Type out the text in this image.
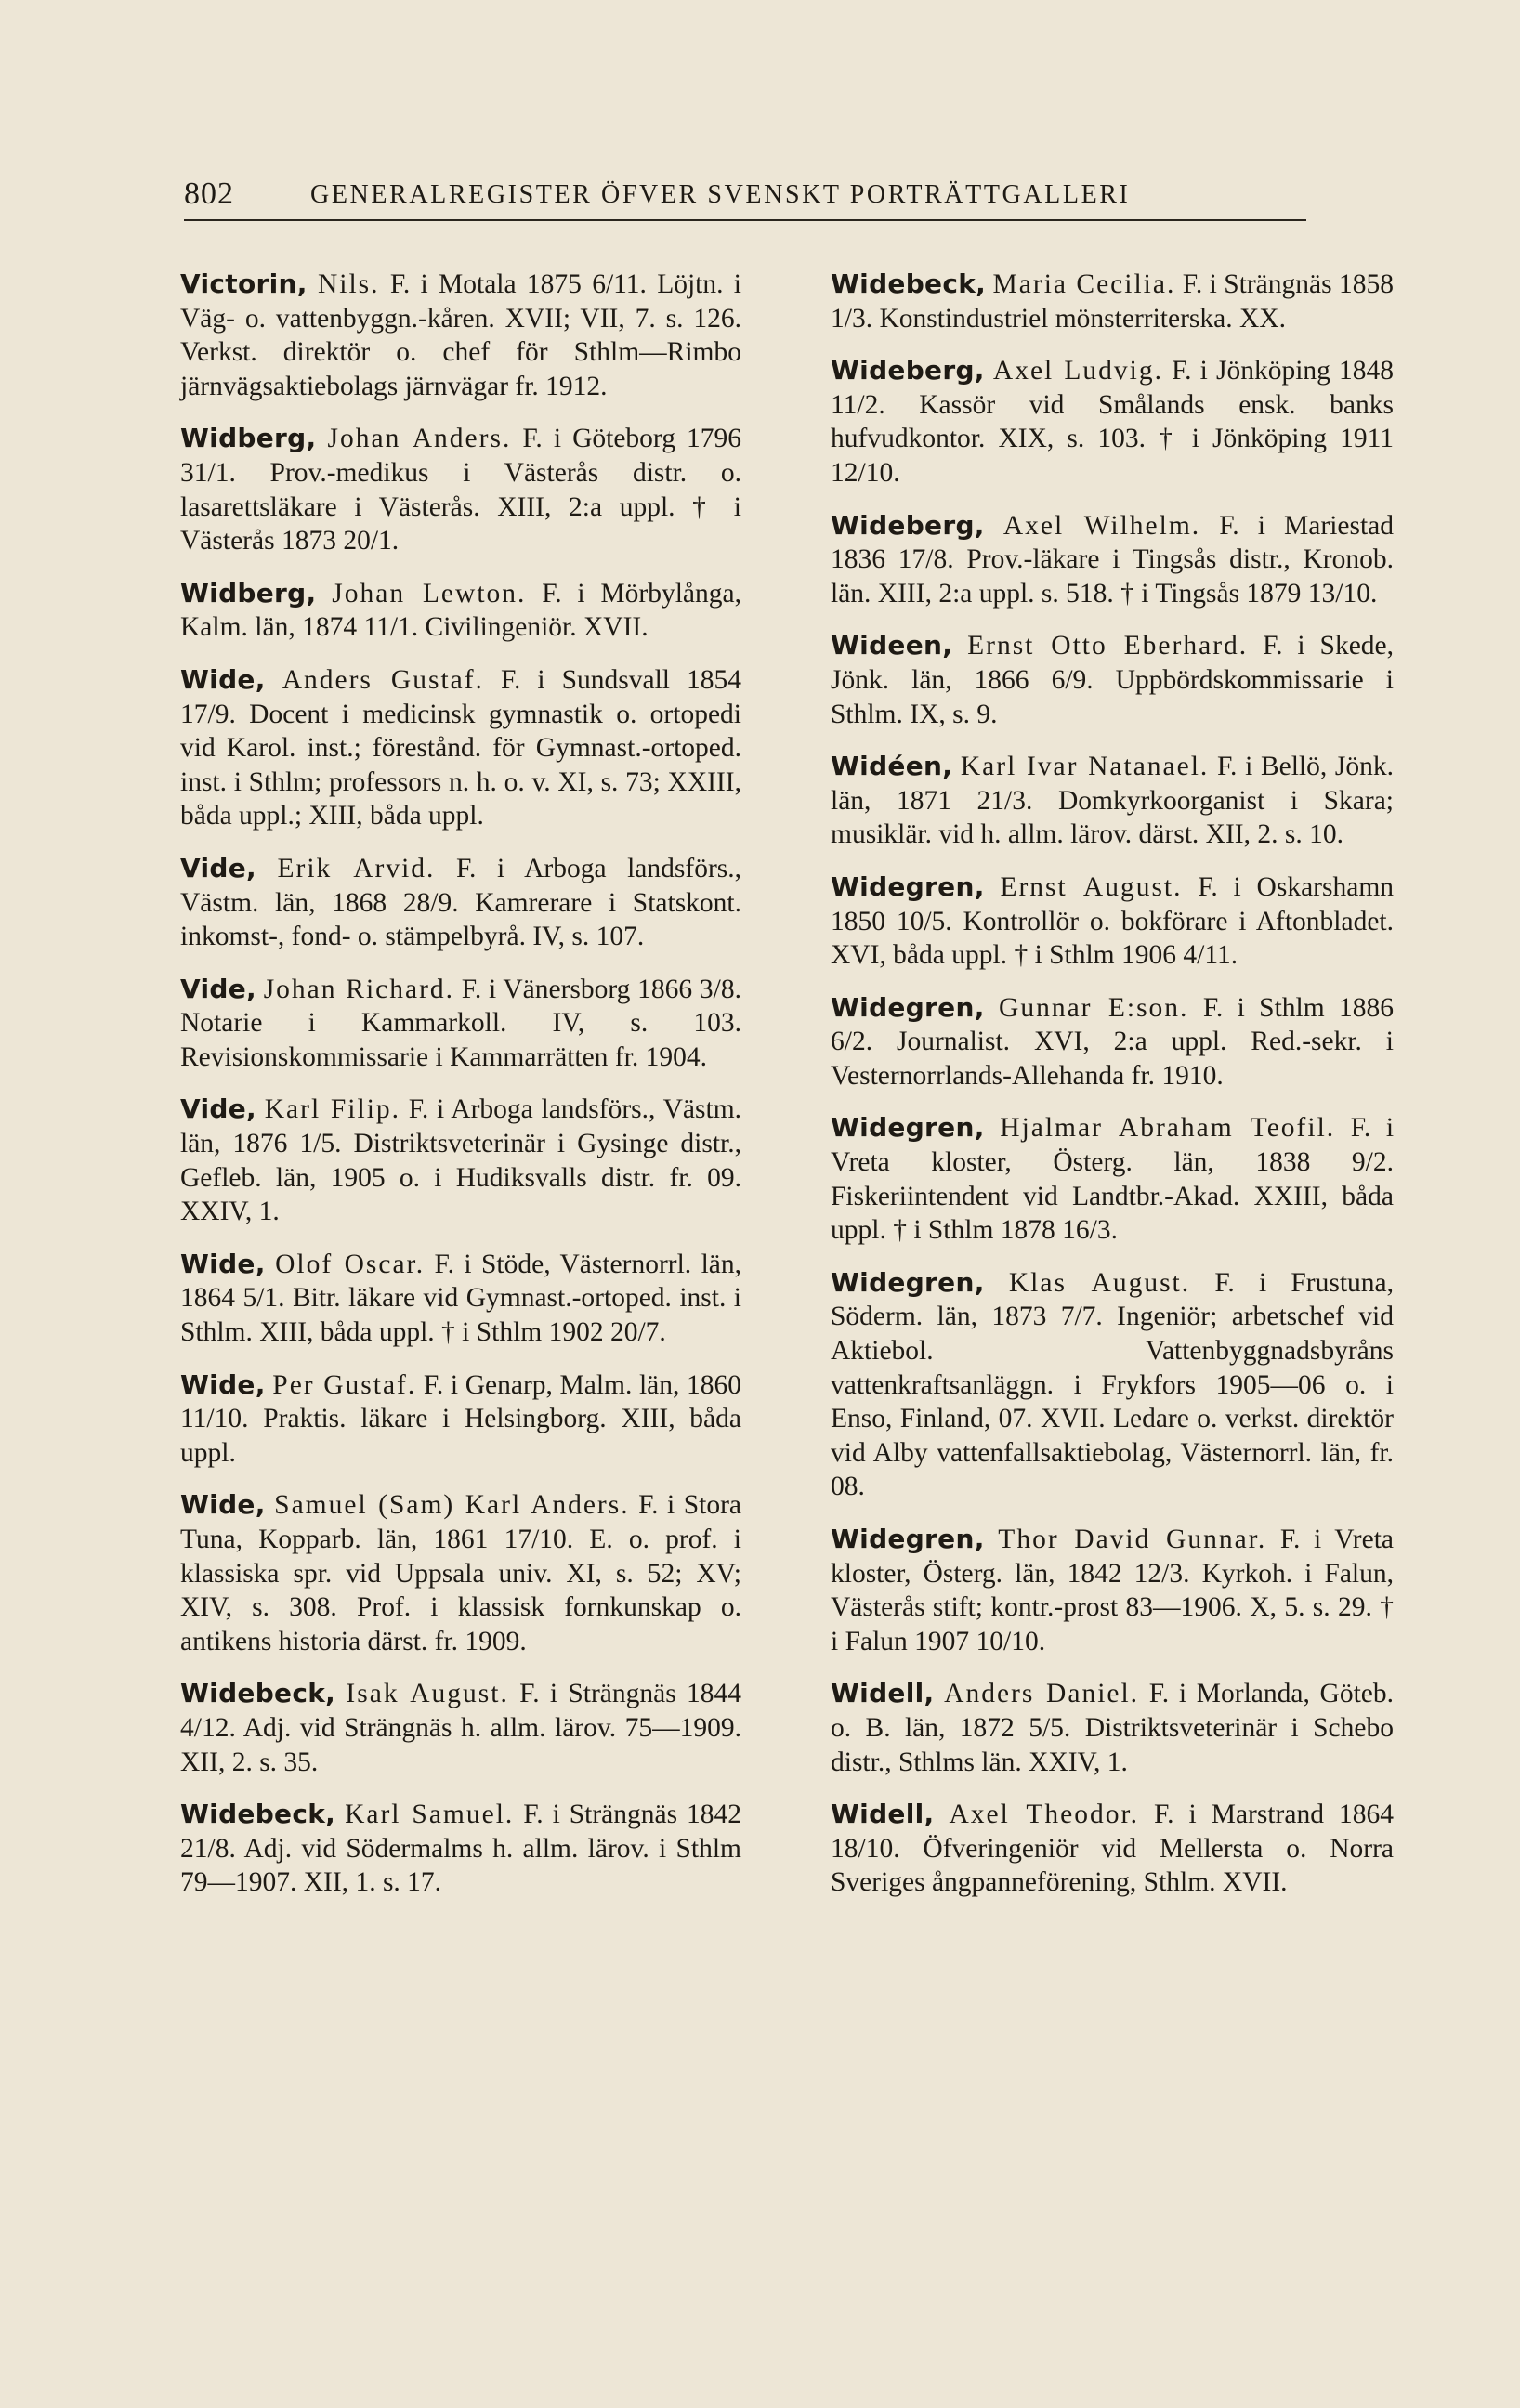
802	GENERALREGISTER ÖFVER SVENSKT PORTRÄTTGALLERI

Victorin, Nils. F. i Motala 1875 6/11. Löjtn. i Väg- o. vattenbyggn.-kåren. XVII; VII, 7. s. 126. Verkst. direktör o. chef för Sthlm—Rimbo järnvägsaktiebolags järnvägar fr. 1912.

Widberg, Johan Anders. F. i Göteborg 1796 31/1. Prov.-medikus i Västerås distr. o. lasarettsläkare i Västerås. XIII, 2:a uppl. † i Västerås 1873 20/1.

Widberg, Johan Lewton. F. i Mörbylånga, Kalm. län, 1874 11/1. Civilingeniör. XVII.

Wide, Anders Gustaf. F. i Sundsvall 1854 17/9. Docent i medicinsk gymnastik o. ortopedi vid Karol. inst.; förestånd. för Gymnast.-ortoped. inst. i Sthlm; professors n. h. o. v. XI, s. 73; XXIII, båda uppl.; XIII, båda uppl.

Vide, Erik Arvid. F. i Arboga landsförs., Västm. län, 1868 28/9. Kamrerare i Statskont. inkomst-, fond- o. stämpelbyrå. IV, s. 107.

Vide, Johan Richard. F. i Vänersborg 1866 3/8. Notarie i Kammarkoll. IV, s. 103. Revisionskommissarie i Kammarrätten fr. 1904.

Vide, Karl Filip. F. i Arboga landsförs., Västm. län, 1876 1/5. Distriktsveterinär i Gysinge distr., Gefleb. län, 1905 o. i Hudiksvalls distr. fr. 09. XXIV, 1.

Wide, Olof Oscar. F. i Stöde, Västernorrl. län, 1864 5/1. Bitr. läkare vid Gymnast.-ortoped. inst. i Sthlm. XIII, båda uppl. † i Sthlm 1902 20/7.

Wide, Per Gustaf. F. i Genarp, Malm. län, 1860 11/10. Praktis. läkare i Helsingborg. XIII, båda uppl.

Wide, Samuel (Sam) Karl Anders. F. i Stora Tuna, Kopparb. län, 1861 17/10. E. o. prof. i klassiska spr. vid Uppsala univ. XI, s. 52; XV; XIV, s. 308. Prof. i klassisk fornkunskap o. antikens historia därst. fr. 1909.

Widebeck, Isak August. F. i Strängnäs 1844 4/12. Adj. vid Strängnäs h. allm. lärov. 75—1909. XII, 2. s. 35.

Widebeck, Karl Samuel. F. i Strängnäs 1842 21/8. Adj. vid Södermalms h. allm. lärov. i Sthlm 79—1907. XII, 1. s. 17.

Widebeck, Maria Cecilia. F. i Strängnäs 1858 1/3. Konstindustriel mönsterriterska. XX.

Wideberg, Axel Ludvig. F. i Jönköping 1848 11/2. Kassör vid Smålands ensk. banks hufvudkontor. XIX, s. 103. † i Jönköping 1911 12/10.

Wideberg, Axel Wilhelm. F. i Mariestad 1836 17/8. Prov.-läkare i Tingsås distr., Kronob. län. XIII, 2:a uppl. s. 518. † i Tingsås 1879 13/10.

Wideen, Ernst Otto Eberhard. F. i Skede, Jönk. län, 1866 6/9. Uppbördskommissarie i Sthlm. IX, s. 9.

Widéen, Karl Ivar Natanael. F. i Bellö, Jönk. län, 1871 21/3. Domkyrkoorganist i Skara; musiklär. vid h. allm. lärov. därst. XII, 2. s. 10.

Widegren, Ernst August. F. i Oskarshamn 1850 10/5. Kontrollör o. bokförare i Aftonbladet. XVI, båda uppl. † i Sthlm 1906 4/11.

Widegren, Gunnar E:son. F. i Sthlm 1886 6/2. Journalist. XVI, 2:a uppl. Red.-sekr. i Vesternorrlands-Allehanda fr. 1910.

Widegren, Hjalmar Abraham Teofil. F. i Vreta kloster, Österg. län, 1838 9/2. Fiskeriintendent vid Landtbr.-Akad. XXIII, båda uppl. † i Sthlm 1878 16/3.

Widegren, Klas August. F. i Frustuna, Söderm. län, 1873 7/7. Ingeniör; arbetschef vid Aktiebol. Vattenbyggnadsbyråns vattenkraftsanläggn. i Frykfors 1905—06 o. i Enso, Finland, 07. XVII. Ledare o. verkst. direktör vid Alby vattenfallsaktiebolag, Västernorrl. län, fr. 08.

Widegren, Thor David Gunnar. F. i Vreta kloster, Österg. län, 1842 12/3. Kyrkoh. i Falun, Västerås stift; kontr.-prost 83—1906. X, 5. s. 29. † i Falun 1907 10/10.

Widell, Anders Daniel. F. i Morlanda, Göteb. o. B. län, 1872 5/5. Distriktsveterinär i Schebo distr., Sthlms län. XXIV, 1.

Widell, Axel Theodor. F. i Marstrand 1864 18/10. Öfveringeniör vid Mellersta o. Norra Sveriges ångpanneförening, Sthlm. XVII.
